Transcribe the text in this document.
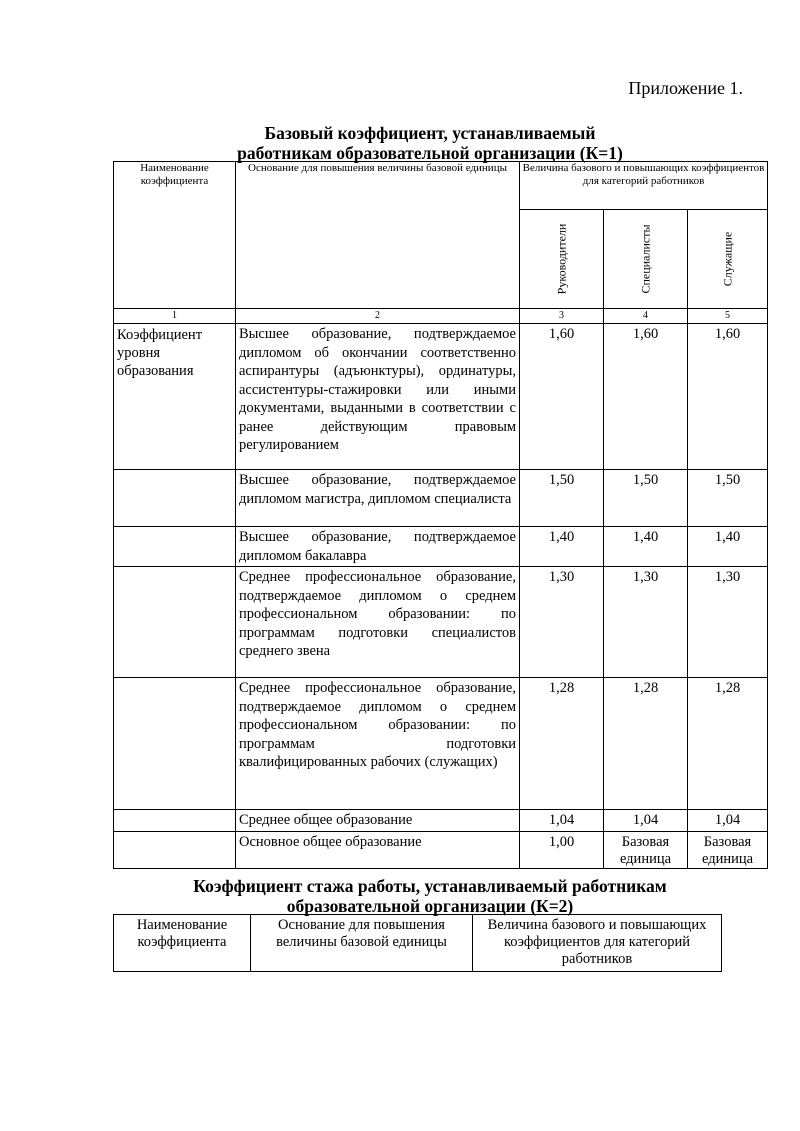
Приложение 1.
Базовый коэффициент, устанавливаемый
работникам образовательной организации (К=1)
Наименование коэффициента	Основание для повышения величины базовой единицы	Величина базового и повышающих коэффициентов для категорий работников		

		Руководители	Специалисты	Служащие

1	2	3	4	5
Коэффициент уровня образования	Высшее образование, подтверждаемое дипломом об окончании соответственно аспирантуры (адъюнктуры), ординатуры, ассистентуры-стажировки или иными документами, выданными в соответствии с ранее действующим правовым регулированием	1,60	1,60	1,60
	Высшее образование, подтверждаемое дипломом магистра, дипломом специалиста	1,50	1,50	1,50
	Высшее образование, подтверждаемое дипломом бакалавра	1,40	1,40	1,40
	Среднее профессиональное образование, подтверждаемое дипломом о среднем профессиональном образовании: по программам подготовки специалистов среднего звена	1,30	1,30	1,30
	Среднее профессиональное образование, подтверждаемое дипломом о среднем профессиональном образовании: по программам подготовки квалифицированных рабочих (служащих)	1,28	1,28	1,28
	Среднее общее образование	1,04	1,04	1,04
	Основное общее образование	1,00	Базовая единица	Базовая единица
Коэффициент стажа работы, устанавливаемый работникам
образовательной организации (К=2)
Наименование коэффициента	Основание для повышения величины базовой единицы	Величина базового и повышающих коэффициентов для категорий работников
